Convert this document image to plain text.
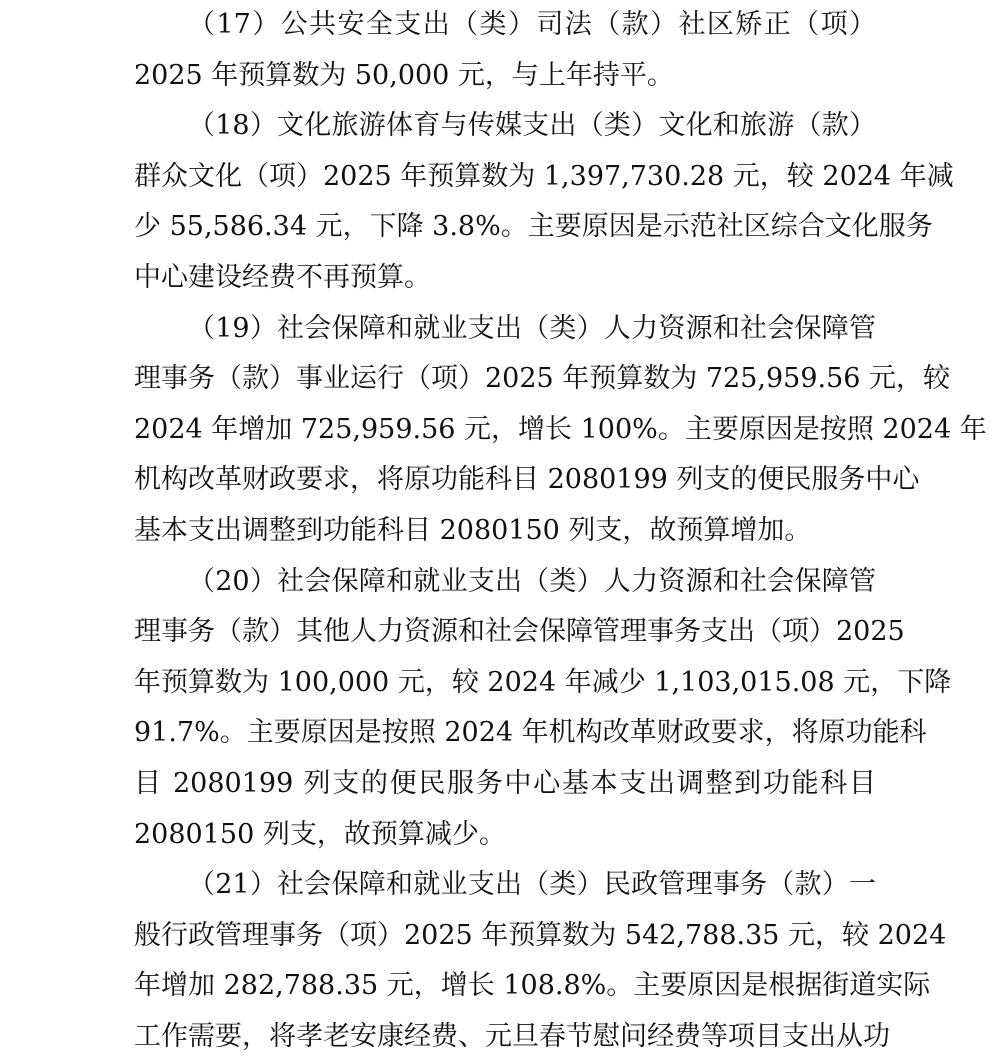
（17）公共安全支出（类）司法（款）社区矫正（项）
2025 年预算数为 50,000 元，与上年持平。
（18）文化旅游体育与传媒支出（类）文化和旅游（款）
群众文化（项）2025 年预算数为 1,397,730.28 元，较 2024 年减
少 55,586.34 元，下降 3.8%。主要原因是示范社区综合文化服务
中心建设经费不再预算。
（19）社会保障和就业支出（类）人力资源和社会保障管
理事务（款）事业运行（项）2025 年预算数为 725,959.56 元，较
2024 年增加 725,959.56 元，增长 100%。主要原因是按照 2024 年
机构改革财政要求，将原功能科目 2080199 列支的便民服务中心
基本支出调整到功能科目 2080150 列支，故预算增加。
（20）社会保障和就业支出（类）人力资源和社会保障管
理事务（款）其他人力资源和社会保障管理事务支出（项）2025
年预算数为 100,000 元，较 2024 年减少 1,103,015.08 元，下降
91.7%。主要原因是按照 2024 年机构改革财政要求，将原功能科
目 2080199 列支的便民服务中心基本支出调整到功能科目
2080150 列支，故预算减少。
（21）社会保障和就业支出（类）民政管理事务（款）一
般行政管理事务（项）2025 年预算数为 542,788.35 元，较 2024
年增加 282,788.35 元，增长 108.8%。主要原因是根据街道实际
工作需要，将孝老安康经费、元旦春节慰问经费等项目支出从功
